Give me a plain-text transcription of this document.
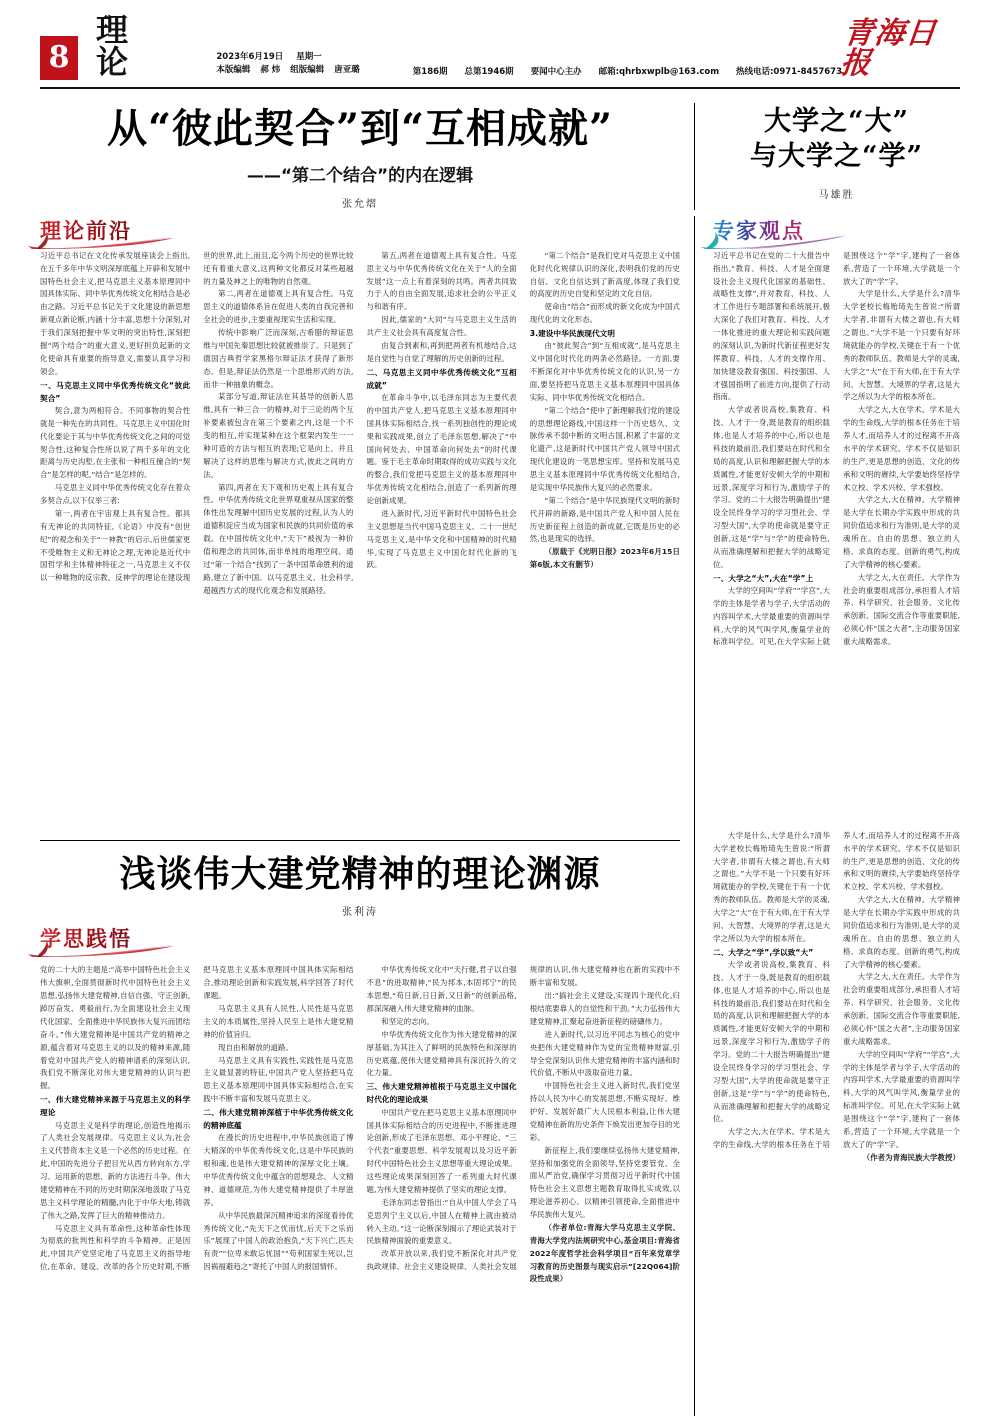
8
理论	2023年6月19日 星期一
本版编辑 郝 炜 组版编辑 唐亚璐	第186期 总第1946期 要闻中心主办 邮箱:qhrbxwplb@163.com 热线电话:0971-8457673
青海日报
从“彼此契合”到“互相成就”
——“第二个结合”的内在逻辑
张允熠
大学之“大”
与大学之“学”
马雄胜
理论前沿

习近平总书记在文化传承发展座谈会上指出,在五千多年中华文明深厚底蕴上开辟和发展中国特色社会主义,把马克思主义基本原理同中国具体实际、同中华优秀传统文化相结合是必由之路。习近平总书记关于文化建设的新思想新观点新论断,内涵十分丰富,思想十分深刻,对于我们深刻把握中华文明的突出特性,深刻把握“两个结合”的重大意义,更好担负起新的文化使命具有重要的指导意义,需要认真学习和领会。

一、马克思主义同中华优秀传统文化“彼此契合”

契合,意为两相符合。不同事物的契合性就是一种先在的共同性。马克思主义中国化时代化要论于其与中华优秀传统文化之间的可觉契合性,这种复合性所以说了两千多年的文化距离与历史沟堑,在主张和一种相互撞合的“契合”是怎样的呢,“结合”是怎样的。

马克思主义同中华优秀传统文化存在着众多契合点,以下仅举三者:

第一,两者在宇宙观上具有复合性。都具有无神论的共同特征,《论语》中没有“创世纪”的观念和关于“一神教”的启示,后世儒家更不受唯物主义和无神论之理,无神论是近代中国哲学和主体精神特征之一,马克思主义不仅以一种唯物的反宗教、反神学的理论在建设现世的世界,此上,而且,迄今两个历史的世界比较还有着重大意义,这两种文化都反对某些超越的力量及神之上的唯物的自然观。

第二,两者在道德观上具有复合性。马克思主义的道德体系旨在促进人类的自我完善和全社会的进步,主要重视现实生活和实现。

传统中影响广泛而深刻,古希腊的辩证思维与中国先秦思想比较就被推崇了。只是到了德国古典哲学家黑格尔辩证法才获得了新形态。但是,辩证法仍然是一个思维形式的方法,而非一种抽象的概念。

某部分写道,辩证法在其基导的创新人思维,具有一种三合一的精神,对于三论的两个互补要素被包含在第三个要素之内,这是一个不变的相互,并实现某种在这个框架内发生一一种可造的方法与相互的表现;它是向上、并且解决了这样的思维与解决方式,彼此之间的方法。

第四,两者在天下观和历史观上具有复合性。中华优秀传统文化世界观重视从国家的整体性出发理解中国历史发展的过程,认为人的道德积淀应当成为国家和民族的共同价值的承载。在中国传统文化中,“天下”被视为一种价值和理念的共同体,而非单纯的地理空间。通过“第一个结合”找到了一条中国革命胜利的道路,建立了新中国。以马克思主义、社会科学,超越西方式的现代化观念和发展路径。

第五,两者在道德观上具有复合性。马克思主义与中华优秀传统文化在关于“人的全面发展”这一点上有着深刻的共鸣。两者共同致力于人的自由全面发展,追求社会的公平正义与和谐有序。

因此,儒家的“大同”与马克思主义生活的共产主义社会具有高度复合性。

由复合到素和,再到把两者有机地结合,这是自觉性与自觉了理解的历史创新的过程。

二、马克思主义同中华优秀传统文化“互相成就”

在革命斗争中,以毛泽东同志为主要代表的中国共产党人,把马克思主义基本原理同中国具体实际相结合,找一系列独创性的理论成果和实践成果,创立了毛泽东思想,解决了“中国向何处去、中国革命向何处去”的时代课题。鉴于毛主革命时期取得的成功实践与文化的整合,我们党把马克思主义的基本原理同中华优秀传统文化相结合,创造了一系列新的理论创新成果。

进入新时代,习近平新时代中国特色社会主义思想是当代中国马克思主义、二十一世纪马克思主义,是中华文化和中国精神的时代精华,实现了马克思主义中国化时代化新的飞跃。

“第二个结合”是我们党对马克思主义中国化时代化规律认识的深化,表明我们党的历史自信、文化自信达到了新高度,体现了我们党的高度的历史自觉和坚定的文化自信。

使命由“结合”而形成的新文化成为中国式现代化的文化形态。

3.建设中华民族现代文明

由“彼此契合”到“互相成就”,是马克思主义中国化时代化的两条必然路径。一方面,要不断深化对中华优秀传统文化的认识,另一方面,要坚持把马克思主义基本原理同中国具体实际、同中华优秀传统文化相结合。

“第二个结合”使中了新理解我们党的建设的思想理论路线,中国这样一个历史悠久、文脉传承不弱中断的文明古国,积累了丰富的文化遗产,这是新时代中国共产党人领导中国式现代化建设的一笔思想宝库。坚持和发展马克思主义基本原理同中华优秀传统文化相结合,是实现中华民族伟大复兴的必然要求。

“第二个结合”是中华民族现代文明的新时代开辟的新路,是中国共产党人和中国人民在历史新征程上创造的新成就,它既是历史的必然,也是现实的选择。

（原载于《光明日报》2023年6月15日第6版,本文有删节）

专家观点

习近平总书记在党的二十大报告中指出,“教育、科技、人才是全面建设社会主义现代化国家的基础性、战略性支撑”,并对教育、科技、人才工作进行专题部署和系统展开,极大深化了我们对教育、科技、人才一体化推进的重大理论和实践问题的深刻认识,为新时代新征程更好发挥教育、科技、人才的支撑作用、加快建设教育强国、科技强国、人才强国指明了前进方向,提供了行动指南。

大学或者说高校,集教育、科技、人才于一身,既是教育的组织载体,也是人才培养的中心,所以也是科技的最前沿,我们要站在时代和全局的高度,认识和理解把握大学的本质属性,才能更好安顿大学的中期和远景,深度学习和行为,激励学子的学习。党的二十大报告明确提出“建设全民终身学习的学习型社会、学习型大国”,大学的使命就是要守正创新,这是“学”与“学”的使命特色,从而准确理解和把握大学的战略定位。

一、大学之“大”,大在“学”上

大学的空间叫“学府”“学宫”,大学的主体是学者与学子,大学活动的内容叫学术,大学最重要的资源叫学科,大学的风气叫学风,衡量学业的标准叫学位。可见,在大学实际上就是围绕这个“学”字,建构了一套体系,营造了一个环境,大学就是一个放大了的“学”字。

大学是什么,大学是什么?清华大学老校长梅贻琦先生曾说:“所谓大学者,非谓有大楼之谓也,有大师之谓也。”大学不是一个只要有好环境就能办的学校,关键在于有一个优秀的教师队伍。教师是大学的灵魂,大学之“大”在于有大师,在于有大学问、大智慧、大境界的学者,这是大学之所以为大学的根本所在。

大学之大,大在学术。学术是大学的生命线,大学的根本任务在于培养人才,而培养人才的过程离不开高水平的学术研究。学术不仅是知识的生产,更是思想的创造、文化的传承和文明的赓续,大学要始终坚持学术立校、学术兴校、学术强校。

大学之大,大在精神。大学精神是大学在长期办学实践中形成的共同价值追求和行为准则,是大学的灵魂所在。自由的思想、独立的人格、求真的态度、创新的勇气,构成了大学精神的核心要素。

大学之大,大在责任。大学作为社会的重要组成部分,承担着人才培养、科学研究、社会服务、文化传承创新、国际交流合作等重要职能,必须心怀“国之大者”,主动服务国家重大战略需求。

浅谈伟大建党精神的理论渊源
张利涛
学思践悟

党的二十大的主题是:“高举中国特色社会主义伟大旗帜,全面贯彻新时代中国特色社会主义思想,弘扬伟大建党精神,自信自强、守正创新,踔厉奋发、勇毅前行,为全面建设社会主义现代化国家、全面推进中华民族伟大复兴而团结奋斗。”伟大建党精神是中国共产党的精神之源,蕴含着对马克思主义的以及的精神来源,随着党对中国共产党人的精神谱系的深刻认识,我们党不断深化对伟大建党精神的认识与把握。

一、伟大建党精神来源于马克思主义的科学理论

马克思主义是科学的理论,创造性地揭示了人类社会发展规律。马克思主义认为,社会主义代替资本主义是一个必然的历史过程。在此,中国的先进分子把目光从西方转向东方,学习、运用新的思想、新的方法进行斗争。伟大建党精神在不同的历史时期深深地汲取了马克思主义科学理论的精髓,内化于中华大地,铸就了伟大之路,发挥了巨大的精神推动力。

马克思主义具有革命性,这种革命性体现为彻底的批判性和科学的斗争精神。正是因此,中国共产党坚定地了马克思主义的指导地位,在革命、建设、改革的各个历史时期,不断把马克思主义基本原理同中国具体实际相结合,推动理论创新和实践发展,科学回答了时代课题。

马克思主义具有人民性,人民性是马克思主义的本质属性,坚持人民至上是伟大建党精神的价值旨归。

现自由和解放的道路。

马克思主义具有实践性,实践性是马克思主义最显著的特征,中国共产党人坚持把马克思主义基本原理同中国具体实际相结合,在实践中不断丰富和发展马克思主义。

二、伟大建党精神深植于中华优秀传统文化的精神底蕴

在漫长的历史进程中,中华民族创造了博大精深的中华优秀传统文化,这是中华民族的根和魂,也是伟大建党精神的深厚文化土壤。中华优秀传统文化中蕴含的思想观念、人文精神、道德规范,为伟大建党精神提供了丰厚滋养。

从中华民族最深沉精神追求的深度看待优秀传统文化,“先天下之忧而忧,后天下之乐而乐”展现了中国人的政治抱负,“天下兴亡,匹夫有责”“位卑未敢忘忧国”“苟利国家生死以,岂因祸福避趋之”寄托了中国人的报国情怀。

中华优秀传统文化中“天行健,君子以自强不息”的进取精神,“民为邦本,本固邦宁”的民本思想,“苟日新,日日新,又日新”的创新品格,都深深融入伟大建党精神的血脉。

和坚定的志向。

中华优秀传统文化作为伟大建党精神的深厚基础,为其注入了鲜明的民族特色和深厚的历史底蕴,使伟大建党精神具有深沉持久的文化力量。

三、伟大建党精神植根于马克思主义中国化时代化的理论成果

中国共产党在把马克思主义基本原理同中国具体实际相结合的历史进程中,不断推进理论创新,形成了毛泽东思想、邓小平理论、“三个代表”重要思想、科学发展观以及习近平新时代中国特色社会主义思想等重大理论成果。这些理论成果深刻回答了一系列重大时代课题,为伟大建党精神提供了坚实的理论支撑。

毛泽东同志曾指出:“自从中国人学会了马克思列宁主义以后,中国人在精神上就由被动转入主动。”这一论断深刻揭示了理论武装对于民族精神面貌的重要意义。

改革开放以来,我们党不断深化对共产党执政规律、社会主义建设规律、人类社会发展规律的认识,伟大建党精神也在新的实践中不断丰富和发展。

出:“搞社会主义建设,实现四个现代化,归根结底要靠人的自觉性和干劲。”大力弘扬伟大建党精神,汇聚起奋进新征程的磅礴伟力。

进入新时代,以习近平同志为核心的党中央把伟大建党精神作为党的宝贵精神财富,引导全党深刻认识伟大建党精神的丰富内涵和时代价值,不断从中汲取奋进力量。

中国特色社会主义进入新时代,我们党坚持以人民为中心的发展思想,不断实现好、维护好、发展好最广大人民根本利益,让伟大建党精神在新的历史条件下焕发出更加夺目的光彩。

新征程上,我们要继续弘扬伟大建党精神,坚持和加强党的全面领导,坚持党要管党、全面从严治党,确保学习贯彻习近平新时代中国特色社会主义思想主题教育取得扎实成效,以理论滋养初心、以精神引领使命,全面推进中华民族伟大复兴。

（作者单位:青海大学马克思主义学院、青海大学党内法规研究中心,基金项目:青海省2022年度哲学社会科学项目“百年来党章学习教育的历史图景与现实启示”[22Q064]阶段性成果）

大学是什么,大学是什么?清华大学老校长梅贻琦先生曾说:“所谓大学者,非谓有大楼之谓也,有大师之谓也。”大学不是一个只要有好环境就能办的学校,关键在于有一个优秀的教师队伍。教师是大学的灵魂,大学之“大”在于有大师,在于有大学问、大智慧、大境界的学者,这是大学之所以为大学的根本所在。

二、大学之“学”,学以致“大”

大学或者说高校,集教育、科技、人才于一身,既是教育的组织载体,也是人才培养的中心,所以也是科技的最前沿,我们要站在时代和全局的高度,认识和理解把握大学的本质属性,才能更好安顿大学的中期和远景,深度学习和行为,激励学子的学习。党的二十大报告明确提出“建设全民终身学习的学习型社会、学习型大国”,大学的使命就是要守正创新,这是“学”与“学”的使命特色,从而准确理解和把握大学的战略定位。

大学之大,大在学术。学术是大学的生命线,大学的根本任务在于培养人才,而培养人才的过程离不开高水平的学术研究。学术不仅是知识的生产,更是思想的创造、文化的传承和文明的赓续,大学要始终坚持学术立校、学术兴校、学术强校。

大学之大,大在精神。大学精神是大学在长期办学实践中形成的共同价值追求和行为准则,是大学的灵魂所在。自由的思想、独立的人格、求真的态度、创新的勇气,构成了大学精神的核心要素。

大学之大,大在责任。大学作为社会的重要组成部分,承担着人才培养、科学研究、社会服务、文化传承创新、国际交流合作等重要职能,必须心怀“国之大者”,主动服务国家重大战略需求。

大学的空间叫“学府”“学宫”,大学的主体是学者与学子,大学活动的内容叫学术,大学最重要的资源叫学科,大学的风气叫学风,衡量学业的标准叫学位。可见,在大学实际上就是围绕这个“学”字,建构了一套体系,营造了一个环境,大学就是一个放大了的“学”字。

（作者为青海民族大学教授）
